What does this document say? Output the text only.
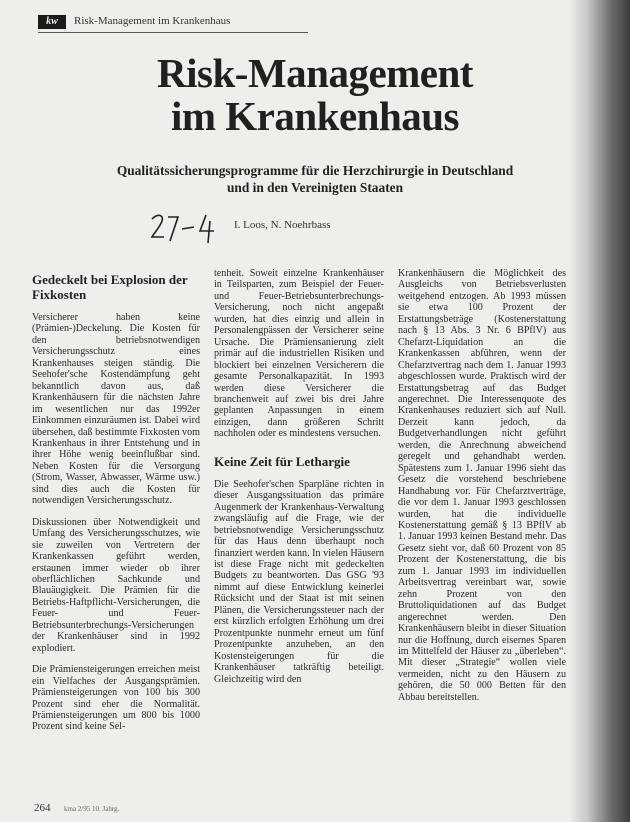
kw	Risk-Management im Krankenhaus
Risk-Management
im Krankenhaus
Qualitätssicherungsprogramme für die Herzchirurgie in Deutschland
und in den Vereinigten Staaten
I. Loos, N. Noehrbass
Gedeckelt bei Explosion der Fixkosten

Versicherer haben keine (Prämien-)Deckelung. Die Kosten für den betriebsnotwendigen Versicherungsschutz eines Krankenhauses steigen ständig. Die Seehofer'sche Kostendämpfung geht bekanntlich davon aus, daß Krankenhäusern für die nächsten Jahre im wesentlichen nur das 1992er Einkommen einzuräumen ist. Dabei wird übersehen, daß bestimmte Fixkosten vom Krankenhaus in ihrer Entstehung und in ihrer Höhe wenig beeinflußbar sind. Neben Kosten für die Versorgung (Strom, Wasser, Abwasser, Wärme usw.) sind dies auch die Kosten für notwendigen Versicherungsschutz.

Diskussionen über Notwendigkeit und Umfang des Versicherungsschutzes, wie sie zuweilen von Vertretern der Krankenkassen geführt werden, erstaunen immer wieder ob ihrer oberflächlichen Sachkunde und Blauäugigkeit. Die Prämien für die Betriebs-Haftpflicht-Versicherungen, die Feuer- und Feuer-Betriebsunterbrechungs-Versicherungen der Krankenhäuser sind in 1992 explodiert.

Die Prämiensteigerungen erreichen meist ein Vielfaches der Ausgangsprämien. Prämiensteigerungen von 100 bis 300 Prozent sind eher die Normalität. Prämiensteigerungen um 800 bis 1000 Prozent sind keine Sel-

tenheit. Soweit einzelne Krankenhäuser in Teilsparten, zum Beispiel der Feuer- und Feuer-Betriebsunterbrechungs-Versicherung, noch nicht angepaßt wurden, hat dies einzig und allein in Personalengpässen der Versicherer seine Ursache. Die Prämiensanierung zielt primär auf die industriellen Risiken und blockiert bei einzelnen Versicherern die gesamte Personalkapazität. In 1993 werden diese Versicherer die branchenweit auf zwei bis drei Jahre geplanten Anpassungen in einem einzigen, dann größeren Schritt nachholen oder es mindestens versuchen.

Keine Zeit für Lethargie

Die Seehofer'schen Sparpläne richten in dieser Ausgangssituation das primäre Augenmerk der Krankenhaus-Verwaltung zwangsläufig auf die Frage, wie der betriebsnotwendige Versicherungsschutz für das Haus denn überhaupt noch finanziert werden kann. In vielen Häusern ist diese Frage nicht mit gedeckelten Budgets zu beantworten. Das GSG '93 nimmt auf diese Entwicklung keinerlei Rücksicht und der Staat ist mit seinen Plänen, die Versicherungssteuer nach der erst kürzlich erfolgten Erhöhung um drei Prozentpunkte nunmehr erneut um fünf Prozentpunkte anzuheben, an den Kostensteigerungen für die Krankenhäuser tatkräftig beteiligt. Gleichzeitig wird den

Krankenhäusern die Möglichkeit des Ausgleichs von Betriebsverlusten weitgehend entzogen. Ab 1993 müssen sie etwa 100 Prozent der Erstattungsbeträge (Kostenerstattung nach § 13 Abs. 3 Nr. 6 BPflV) aus Chefarzt-Liquidation an die Krankenkassen abführen, wenn der Chefarztvertrag nach dem 1. Januar 1993 abgeschlossen wurde. Praktisch wird der Erstattungsbetrag auf das Budget angerechnet. Die Interessenquote des Krankenhauses reduziert sich auf Null. Derzeit kann jedoch, da Budgetverhandlungen nicht geführt werden, die Anrechnung abweichend geregelt und gehandhabt werden. Spätestens zum 1. Januar 1996 sieht das Gesetz die vorstehend beschriebene Handhabung vor. Für Chefarztverträge, die vor dem 1. Januar 1993 geschlossen wurden, hat die individuelle Kostenerstattung gemäß § 13 BPflV ab 1. Januar 1993 keinen Bestand mehr. Das Gesetz sieht vor, daß 60 Prozent von 85 Prozent der Kostenerstattung, die bis zum 1. Januar 1993 im individuellen Arbeitsvertrag vereinbart war, sowie zehn Prozent von den Bruttoliquidationen auf das Budget angerechnet werden. Den Krankenhäusern bleibt in dieser Situation nur die Hoffnung, durch eisernes Sparen im Mittelfeld der Häuser zu „überleben“. Mit dieser „Strategie“ wollen viele vermeiden, nicht zu den Häusern zu gehören, die 50 000 Betten für den Abbau bereitstellen.

264 kma 2/95 10. Jahrg.
